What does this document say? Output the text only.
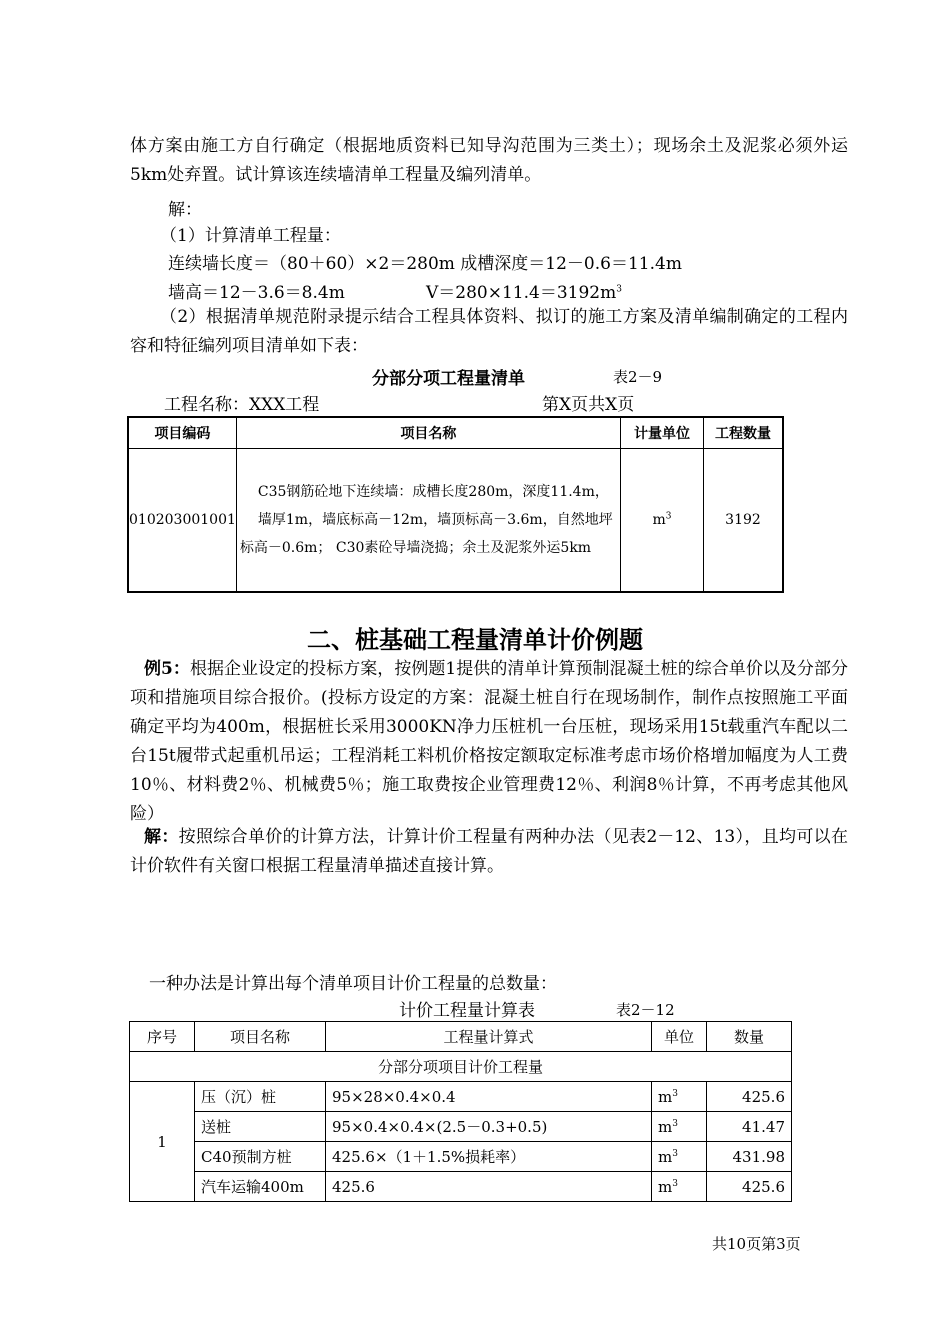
体方案由施工方自行确定（根据地质资料已知导沟范围为三类土）；现场余土及泥浆必须外运5km处弃置。试计算该连续墙清单工程量及编列清单。

解：
（1）计算清单工程量：
连续墙长度＝（80＋60）×2＝280m 成槽深度＝12－0.6＝11.4m
墙高＝12－3.6＝8.4m	$V=280\times 11.4=3192m^3$

（2）根据清单规范附录提示结合工程具体资料、拟订的施工方案及清单编制确定的工程内容和特征编列项目清单如下表：

分部分项工程量清单	表2－9
工程名称：XXX工程	第X页共X页
项目编码	项目名称	计量单位	工程数量
010203001001	C35钢筋砼地下连续墙：成槽长度280m，深度11.4m，
墙厚1m，墙底标高－12m，墙顶标高－3.6m，自然地坪标高－0.6m； C30素砼导墙浇捣；余土及泥浆外运5km	$m^3$	3192
二、桩基础工程量清单计价例题

例5：根据企业设定的投标方案，按例题1提供的清单计算预制混凝土桩的综合单价以及分部分项和措施项目综合报价。(投标方设定的方案：混凝土桩自行在现场制作，制作点按照施工平面确定平均为400m，根据桩长采用3000KN净力压桩机一台压桩，现场采用15t载重汽车配以二台15t履带式起重机吊运；工程消耗工料机价格按定额取定标准考虑市场价格增加幅度为人工费10％、材料费2％、机械费5％；施工取费按企业管理费12％、利润8％计算，不再考虑其他风险）

解：按照综合单价的计算方法，计算计价工程量有两种办法（见表2－12、13），且均可以在计价软件有关窗口根据工程量清单描述直接计算。

一种办法是计算出每个清单项目计价工程量的总数量：
计价工程量计算表	表2－12
序号	项目名称	工程量计算式	单位	数量
分部分项项目计价工程量				
1	压（沉）桩	95×28×0.4×0.4	$m^3$	425.6
	送桩	95×0.4×0.4×(2.5－0.3+0.5)	$m^3$	41.47
	C40预制方桩	425.6×（1＋1.5%损耗率）	$m^3$	431.98
	汽车运输400m	425.6	$m^3$	425.6
共10页第3页
